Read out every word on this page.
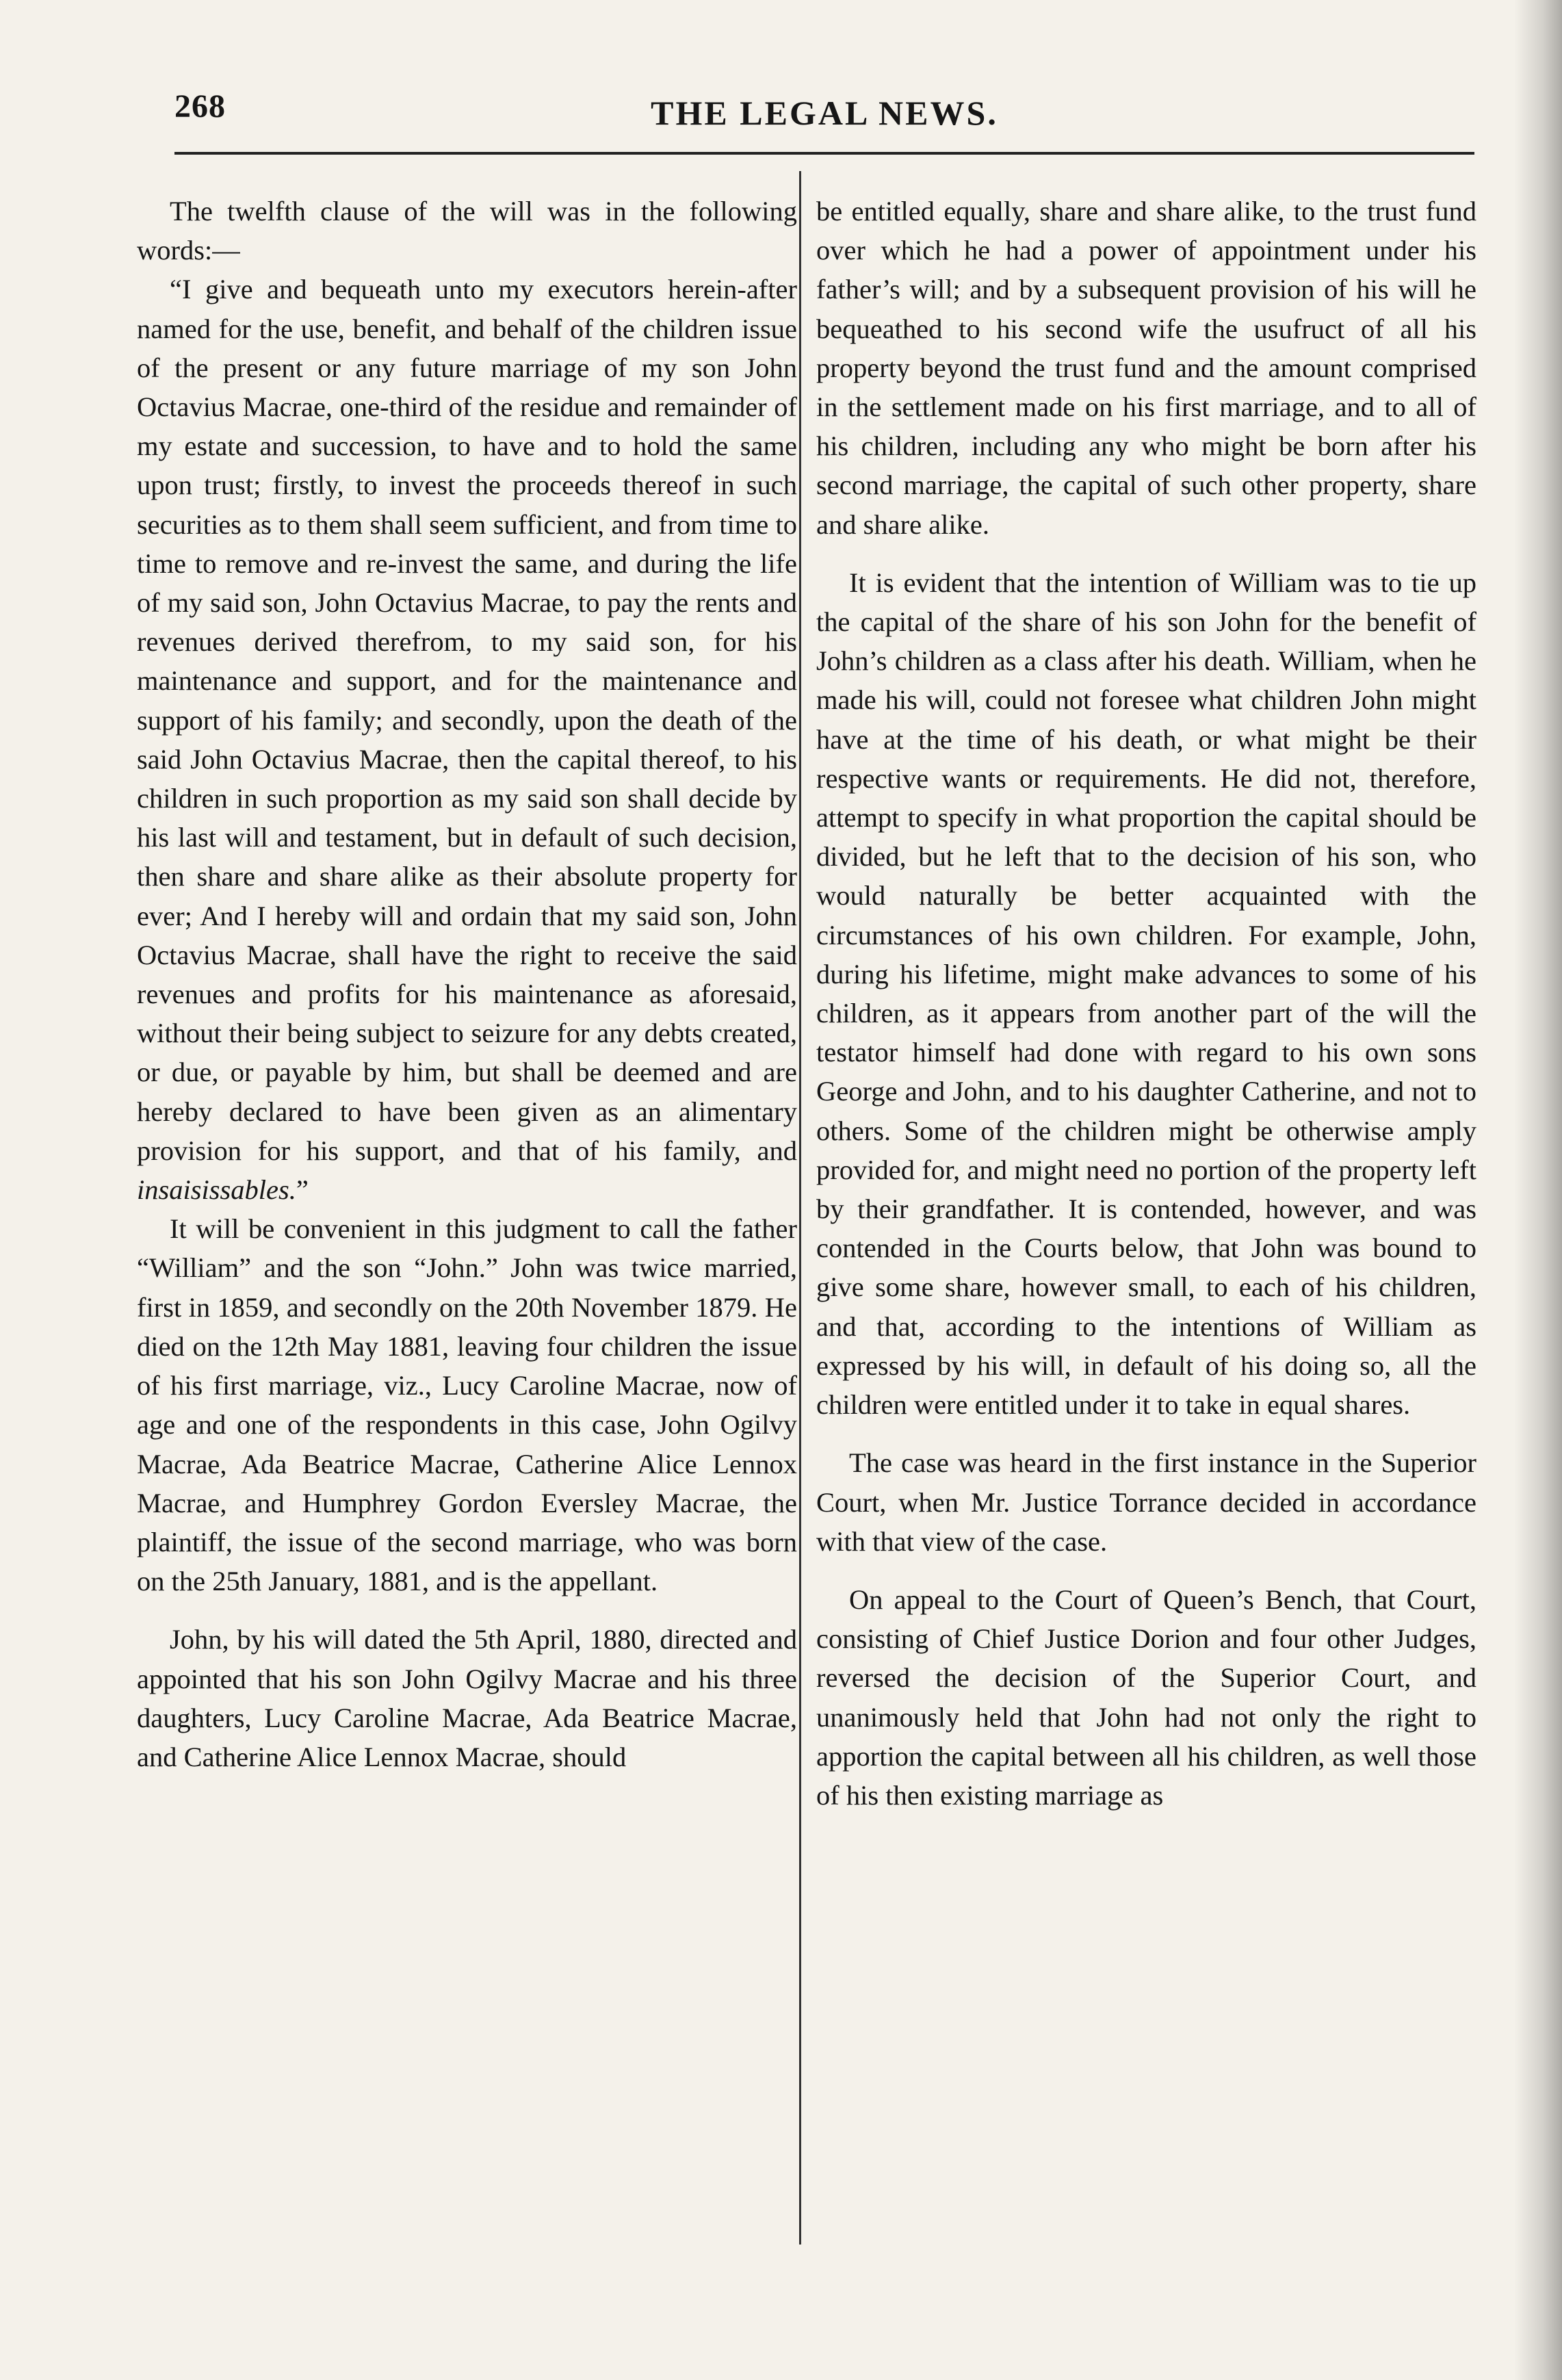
268	THE LEGAL NEWS.

The twelfth clause of the will was in the following words:—

“I give and bequeath unto my executors herein-after named for the use, benefit, and behalf of the children issue of the present or any future marriage of my son John Octavius Macrae, one-third of the residue and remainder of my estate and succession, to have and to hold the same upon trust; firstly, to invest the proceeds thereof in such securities as to them shall seem sufficient, and from time to time to remove and re-invest the same, and during the life of my said son, John Octavius Macrae, to pay the rents and revenues derived therefrom, to my said son, for his maintenance and support, and for the maintenance and support of his family; and secondly, upon the death of the said John Octavius Macrae, then the capital thereof, to his children in such proportion as my said son shall decide by his last will and testament, but in default of such decision, then share and share alike as their absolute property for ever; And I hereby will and ordain that my said son, John Octavius Macrae, shall have the right to receive the said revenues and profits for his maintenance as aforesaid, without their being subject to seizure for any debts created, or due, or payable by him, but shall be deemed and are hereby declared to have been given as an alimentary provision for his support, and that of his family, and insaisissables.”

It will be convenient in this judgment to call the father “William” and the son “John.” John was twice married, first in 1859, and secondly on the 20th November 1879. He died on the 12th May 1881, leaving four children the issue of his first marriage, viz., Lucy Caroline Macrae, now of age and one of the respondents in this case, John Ogilvy Macrae, Ada Beatrice Macrae, Catherine Alice Lennox Macrae, and Humphrey Gordon Eversley Macrae, the plaintiff, the issue of the second marriage, who was born on the 25th January, 1881, and is the appellant.

John, by his will dated the 5th April, 1880, directed and appointed that his son John Ogilvy Macrae and his three daughters, Lucy Caroline Macrae, Ada Beatrice Macrae, and Catherine Alice Lennox Macrae, should

be entitled equally, share and share alike, to the trust fund over which he had a power of appointment under his father’s will; and by a subsequent provision of his will he bequeathed to his second wife the usufruct of all his property beyond the trust fund and the amount comprised in the settlement made on his first marriage, and to all of his children, including any who might be born after his second marriage, the capital of such other property, share and share alike.

It is evident that the intention of William was to tie up the capital of the share of his son John for the benefit of John’s children as a class after his death. William, when he made his will, could not foresee what children John might have at the time of his death, or what might be their respective wants or requirements. He did not, therefore, attempt to specify in what proportion the capital should be divided, but he left that to the decision of his son, who would naturally be better acquainted with the circumstances of his own children. For example, John, during his lifetime, might make advances to some of his children, as it appears from another part of the will the testator himself had done with regard to his own sons George and John, and to his daughter Catherine, and not to others. Some of the children might be otherwise amply provided for, and might need no portion of the property left by their grandfather. It is contended, however, and was contended in the Courts below, that John was bound to give some share, however small, to each of his children, and that, according to the intentions of William as expressed by his will, in default of his doing so, all the children were entitled under it to take in equal shares.

The case was heard in the first instance in the Superior Court, when Mr. Justice Torrance decided in accordance with that view of the case.

On appeal to the Court of Queen’s Bench, that Court, consisting of Chief Justice Dorion and four other Judges, reversed the decision of the Superior Court, and unanimously held that John had not only the right to apportion the capital between all his children, as well those of his then existing marriage as
